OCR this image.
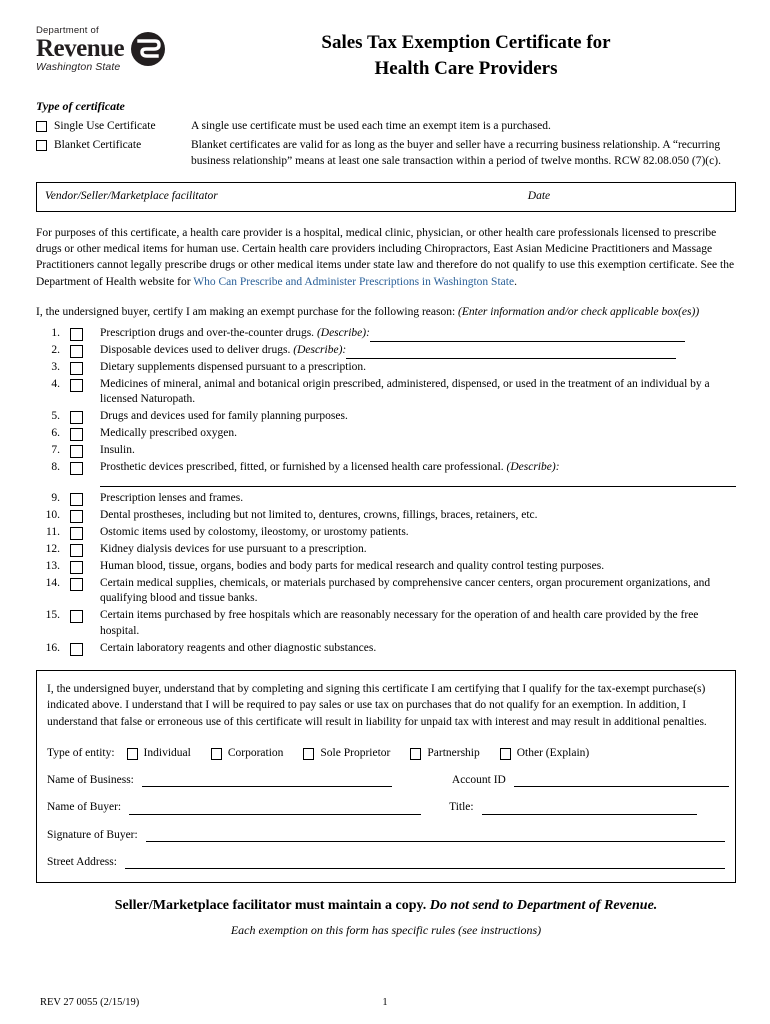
Department of
Revenue
Washington State
Sales Tax Exemption Certificate for
Health Care Providers
Type of certificate
Single Use Certificate	A single use certificate must be used each time an exempt item is a purchased.
Blanket Certificate	Blanket certificates are valid for as long as the buyer and seller have a recurring business relationship. A “recurring business relationship” means at least one sale transaction within a period of twelve months. RCW 82.08.050 (7)(c).
Vendor/Seller/Marketplace facilitator	Date
For purposes of this certificate, a health care provider is a hospital, medical clinic, physician, or other health care professionals licensed to prescribe drugs or other medical items for human use. Certain health care providers including Chiropractors, East Asian Medicine Practitioners and Massage Practitioners cannot legally prescribe drugs or other medical items under state law and therefore do not qualify to use this exemption certificate. See the Department of Health website for Who Can Prescribe and Administer Prescriptions in Washington State.
I, the undersigned buyer, certify I am making an exempt purchase for the following reason: (Enter information and/or check applicable box(es))
1.	Prescription drugs and over-the-counter drugs. (Describe):
2.	Disposable devices used to deliver drugs. (Describe):
3.	Dietary supplements dispensed pursuant to a prescription.
4.	Medicines of mineral, animal and botanical origin prescribed, administered, dispensed, or used in the treatment of an individual by a licensed Naturopath.
5.	Drugs and devices used for family planning purposes.
6.	Medically prescribed oxygen.
7.	Insulin.
8.	Prosthetic devices prescribed, fitted, or furnished by a licensed health care professional. (Describe):
9.	Prescription lenses and frames.
10.	Dental prostheses, including but not limited to, dentures, crowns, fillings, braces, retainers, etc.
11.	Ostomic items used by colostomy, ileostomy, or urostomy patients.
12.	Kidney dialysis devices for use pursuant to a prescription.
13.	Human blood, tissue, organs, bodies and body parts for medical research and quality control testing purposes.
14.	Certain medical supplies, chemicals, or materials purchased by comprehensive cancer centers, organ procurement organizations, and qualifying blood and tissue banks.
15.	Certain items purchased by free hospitals which are reasonably necessary for the operation of and health care provided by the free hospital.
16.	Certain laboratory reagents and other diagnostic substances.
I, the undersigned buyer, understand that by completing and signing this certificate I am certifying that I qualify for the tax-exempt purchase(s) indicated above. I understand that I will be required to pay sales or use tax on purchases that do not qualify for an exemption. In addition, I understand that false or erroneous use of this certificate will result in liability for unpaid tax with interest and may result in additional penalties.
Type of entity:	Individual	Corporation	Sole Proprietor	Partnership	Other (Explain)
Name of Business:	Account ID
Name of Buyer:	Title:
Signature of Buyer:
Street Address:
Seller/Marketplace facilitator must maintain a copy. Do not send to Department of Revenue.
Each exemption on this form has specific rules (see instructions)
REV 27 0055 (2/15/19)	1
